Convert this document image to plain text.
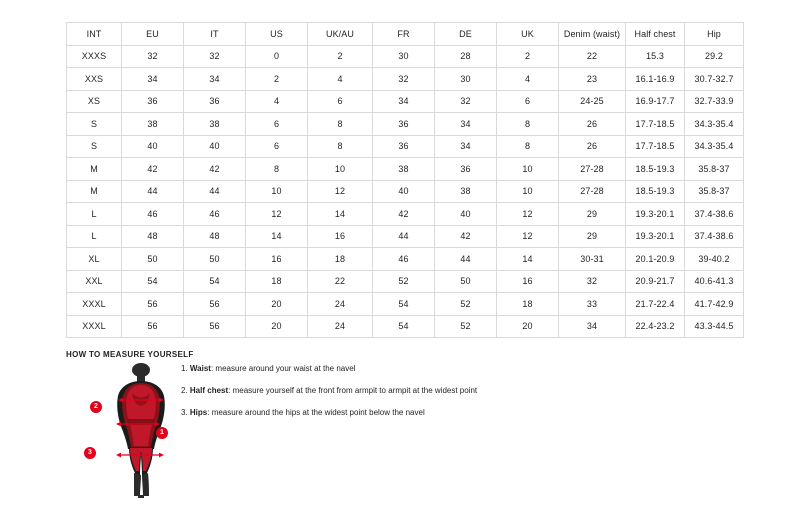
INT	EU	IT	US	UK/AU	FR	DE	UK	Denim (waist)	Half chest	Hip
XXXS	32	32	0	2	30	28	2	22	15.3	29.2
XXS	34	34	2	4	32	30	4	23	16.1-16.9	30.7-32.7
XS	36	36	4	6	34	32	6	24-25	16.9-17.7	32.7-33.9
S	38	38	6	8	36	34	8	26	17.7-18.5	34.3-35.4
S	40	40	6	8	36	34	8	26	17.7-18.5	34.3-35.4
M	42	42	8	10	38	36	10	27-28	18.5-19.3	35.8-37
M	44	44	10	12	40	38	10	27-28	18.5-19.3	35.8-37
L	46	46	12	14	42	40	12	29	19.3-20.1	37.4-38.6
L	48	48	14	16	44	42	12	29	19.3-20.1	37.4-38.6
XL	50	50	16	18	46	44	14	30-31	20.1-20.9	39-40.2
XXL	54	54	18	22	52	50	16	32	20.9-21.7	40.6-41.3
XXXL	56	56	20	24	54	52	18	33	21.7-22.4	41.7-42.9
XXXL	56	56	20	24	54	52	20	34	22.4-23.2	43.3-44.5
HOW TO MEASURE YOURSELF
1. Waist: measure around your waist at the navel
2. Half chest: measure yourself at the front from armpit to armpit at the widest point
3. Hips: measure around the hips at the widest point below the navel
1
2
3
